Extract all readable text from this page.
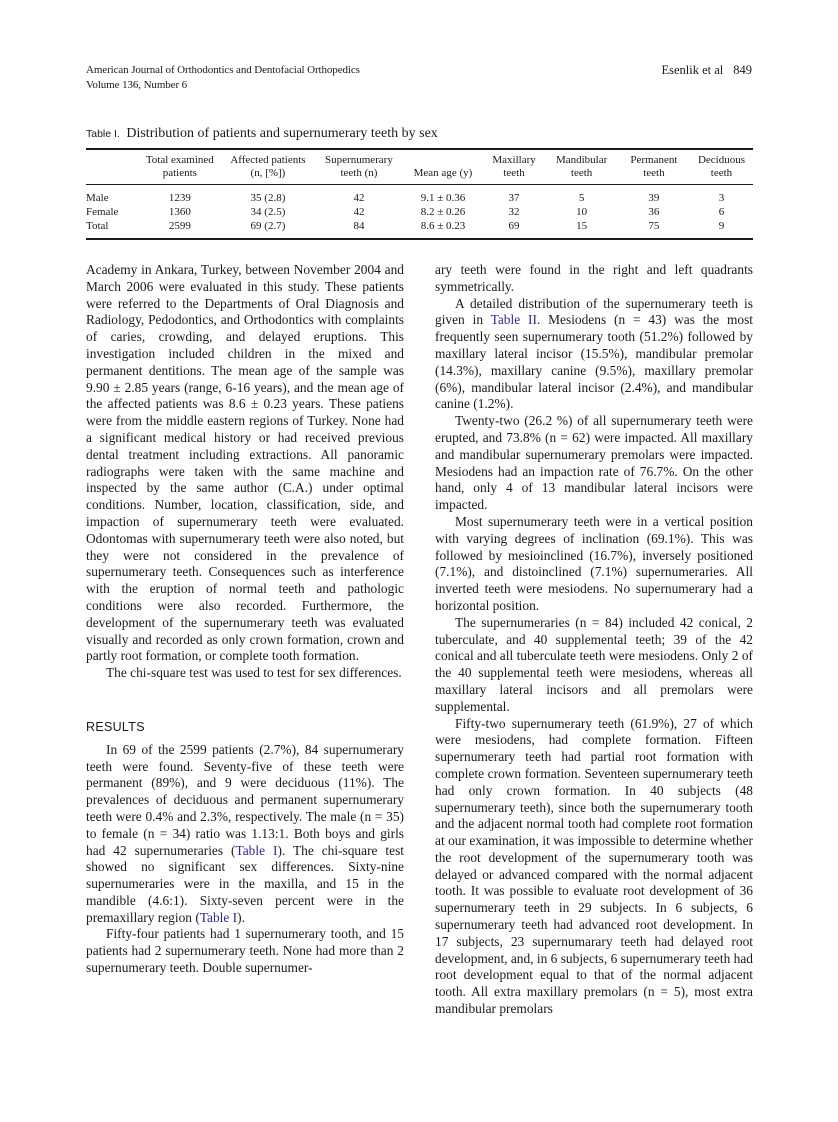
American Journal of Orthodontics and Dentofacial Orthopedics
Volume 136, Number 6
Esenlik et al 849
Table I. Distribution of patients and supernumerary teeth by sex
	Total examined patients	Affected patients (n, [%])	Supernumerary teeth (n)	Mean age (y)	Maxillary teeth	Mandibular teeth	Permanent teeth	Deciduous teeth
Male	1239	35 (2.8)	42	9.1 ± 0.36	37	5	39	3
Female	1360	34 (2.5)	42	8.2 ± 0.26	32	10	36	6
Total	2599	69 (2.7)	84	8.6 ± 0.23	69	15	75	9

Academy in Ankara, Turkey, between November 2004 and March 2006 were evaluated in this study. These patients were referred to the Departments of Oral Diagnosis and Radiology, Pedodontics, and Orthodontics with complaints of caries, crowding, and delayed eruptions. This investigation included children in the mixed and permanent dentitions. The mean age of the sample was 9.90 ± 2.85 years (range, 6-16 years), and the mean age of the affected patients was 8.6 ± 0.23 years. These patiens were from the middle eastern regions of Turkey. None had a significant medical history or had received previous dental treatment including extractions. All panoramic radiographs were taken with the same machine and inspected by the same author (C.A.) under optimal conditions. Number, location, classification, side, and impaction of supernumerary teeth were evaluated. Odontomas with supernumerary teeth were also noted, but they were not considered in the prevalence of supernumerary teeth. Consequences such as interference with the eruption of normal teeth and pathologic conditions were also recorded. Furthermore, the development of the supernumerary teeth was evaluated visually and recorded as only crown formation, crown and partly root formation, or complete tooth formation.

The chi-square test was used to test for sex differences.

RESULTS

In 69 of the 2599 patients (2.7%), 84 supernumerary teeth were found. Seventy-five of these teeth were permanent (89%), and 9 were deciduous (11%). The prevalences of deciduous and permanent supernumerary teeth were 0.4% and 2.3%, respectively. The male (n = 35) to female (n = 34) ratio was 1.13:1. Both boys and girls had 42 supernumeraries (Table I). The chi-square test showed no significant sex differences. Sixty-nine supernumeraries were in the maxilla, and 15 in the mandible (4.6:1). Sixty-seven percent were in the premaxillary region (Table I).

Fifty-four patients had 1 supernumerary tooth, and 15 patients had 2 supernumerary teeth. None had more than 2 supernumerary teeth. Double supernumer-

ary teeth were found in the right and left quadrants symmetrically.

A detailed distribution of the supernumerary teeth is given in Table II. Mesiodens (n = 43) was the most frequently seen supernumerary tooth (51.2%) followed by maxillary lateral incisor (15.5%), mandibular premolar (14.3%), maxillary canine (9.5%), maxillary premolar (6%), mandibular lateral incisor (2.4%), and mandibular canine (1.2%).

Twenty-two (26.2 %) of all supernumerary teeth were erupted, and 73.8% (n = 62) were impacted. All maxillary and mandibular supernumerary premolars were impacted. Mesiodens had an impaction rate of 76.7%. On the other hand, only 4 of 13 mandibular lateral incisors were impacted.

Most supernumerary teeth were in a vertical position with varying degrees of inclination (69.1%). This was followed by mesioinclined (16.7%), inversely positioned (7.1%), and distoinclined (7.1%) supernumeraries. All inverted teeth were mesiodens. No supernumerary had a horizontal position.

The supernumeraries (n = 84) included 42 conical, 2 tuberculate, and 40 supplemental teeth; 39 of the 42 conical and all tuberculate teeth were mesiodens. Only 2 of the 40 supplemental teeth were mesiodens, whereas all maxillary lateral incisors and all premolars were supplemental.

Fifty-two supernumerary teeth (61.9%), 27 of which were mesiodens, had complete formation. Fifteen supernumerary teeth had partial root formation with complete crown formation. Seventeen supernumerary teeth had only crown formation. In 40 subjects (48 supernumerary teeth), since both the supernumerary tooth and the adjacent normal tooth had complete root formation at our examination, it was impossible to determine whether the root development of the supernumerary tooth was delayed or advanced compared with the normal adjacent tooth. It was possible to evaluate root development of 36 supernumerary teeth in 29 subjects. In 6 subjects, 6 supernumerary teeth had advanced root development. In 17 subjects, 23 supernumarary teeth had delayed root development, and, in 6 subjects, 6 supernumerary teeth had root development equal to that of the normal adjacent tooth. All extra maxillary premolars (n = 5), most extra mandibular premolars
